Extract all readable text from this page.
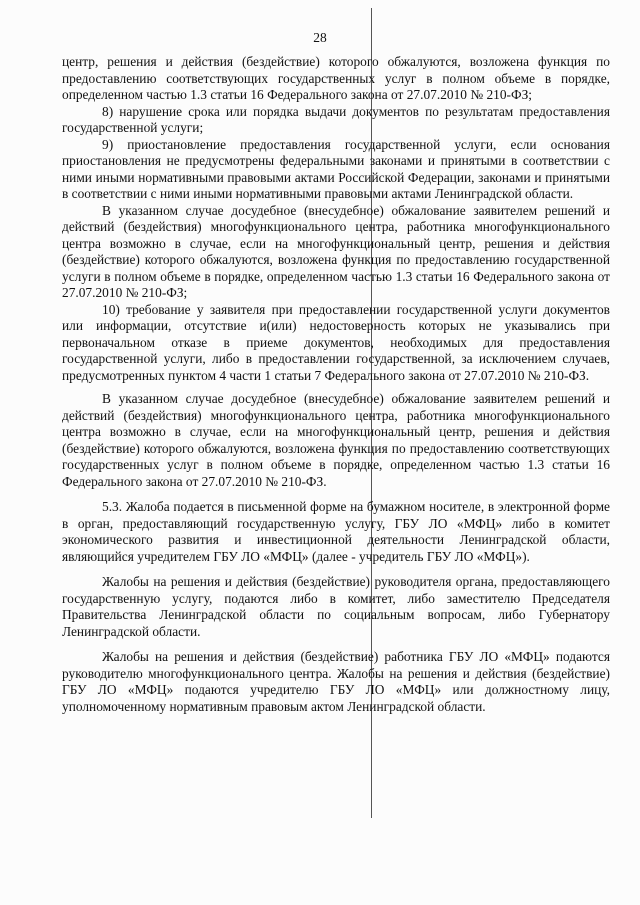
28

центр, решения и действия (бездействие) которого обжалуются, возложена функция по предоставлению соответствующих государственных услуг в полном объеме в порядке, определенном частью 1.3 статьи 16 Федерального закона от 27.07.2010 № 210-ФЗ;

8) нарушение срока или порядка выдачи документов по результатам предоставления государственной услуги;

9) приостановление предоставления государственной услуги, если основания приостановления не предусмотрены федеральными законами и принятыми в соответствии с ними иными нормативными правовыми актами Российской Федерации, законами и принятыми в соответствии с ними иными нормативными правовыми актами Ленинградской области.

В указанном случае досудебное (внесудебное) обжалование заявителем решений и действий (бездействия) многофункционального центра, работника многофункционального центра возможно в случае, если на многофункциональный центр, решения и действия (бездействие) которого обжалуются, возложена функция по предоставлению государственной услуги в полном объеме в порядке, определенном частью 1.3 статьи 16 Федерального закона от 27.07.2010 № 210-ФЗ;

10) требование у заявителя при предоставлении государственной услуги документов или информации, отсутствие и(или) недостоверность которых не указывались при первоначальном отказе в приеме документов, необходимых для предоставления государственной услуги, либо в предоставлении государственной, за исключением случаев, предусмотренных пунктом 4 части 1 статьи 7 Федерального закона от 27.07.2010 № 210-ФЗ.

В указанном случае досудебное (внесудебное) обжалование заявителем решений и действий (бездействия) многофункционального центра, работника многофункционального центра возможно в случае, если на многофункциональный центр, решения и действия (бездействие) которого обжалуются, возложена функция по предоставлению соответствующих государственных услуг в полном объеме в порядке, определенном частью 1.3 статьи 16 Федерального закона от 27.07.2010 № 210-ФЗ.

5.3. Жалоба подается в письменной форме на бумажном носителе, в электронной форме в орган, предоставляющий государственную услугу, ГБУ ЛО «МФЦ» либо в комитет экономического развития и инвестиционной деятельности Ленинградской области, являющийся учредителем ГБУ ЛО «МФЦ» (далее - учредитель ГБУ ЛО «МФЦ»).

Жалобы на решения и действия (бездействие) руководителя органа, предоставляющего государственную услугу, подаются либо в комитет, либо заместителю Председателя Правительства Ленинградской области по социальным вопросам, либо Губернатору Ленинградской области.

Жалобы на решения и действия (бездействие) работника ГБУ ЛО «МФЦ» подаются руководителю многофункционального центра. Жалобы на решения и действия (бездействие) ГБУ ЛО «МФЦ» подаются учредителю ГБУ ЛО «МФЦ» или должностному лицу, уполномоченному нормативным правовым актом Ленинградской области.
